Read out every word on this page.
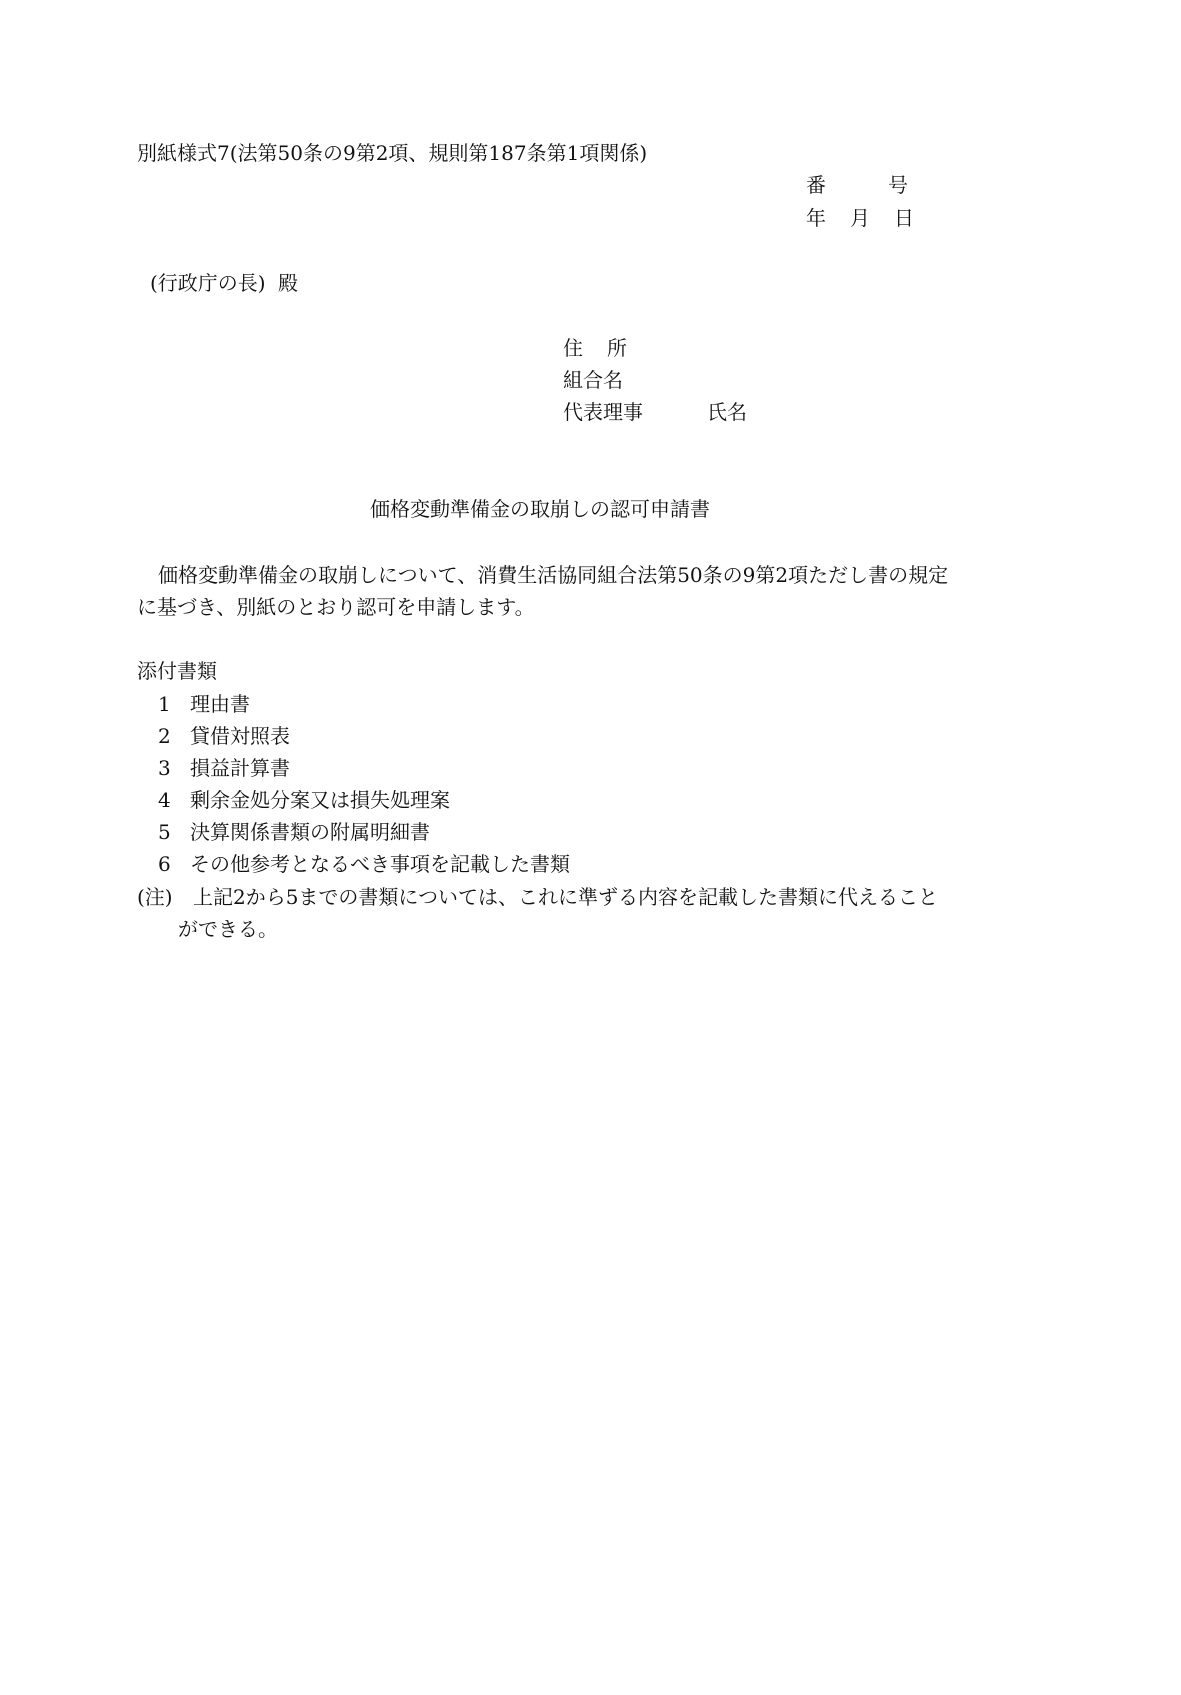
別紙様式7(法第50条の9第2項、規則第187条第1項関係)
番	号
年 月 日
(行政庁の長) 殿
住 所
組合名
代表理事	氏名
価格変動準備金の取崩しの認可申請書
価格変動準備金の取崩しについて、消費生活協同組合法第50条の9第2項ただし書の規定
に基づき、別紙のとおり認可を申請します。
添付書類
1 理由書
2 貸借対照表
3 損益計算書
4 剰余金処分案又は損失処理案
5 決算関係書類の附属明細書
6 その他参考となるべき事項を記載した書類
(注) 上記2から5までの書類については、これに準ずる内容を記載した書類に代えること
ができる。
